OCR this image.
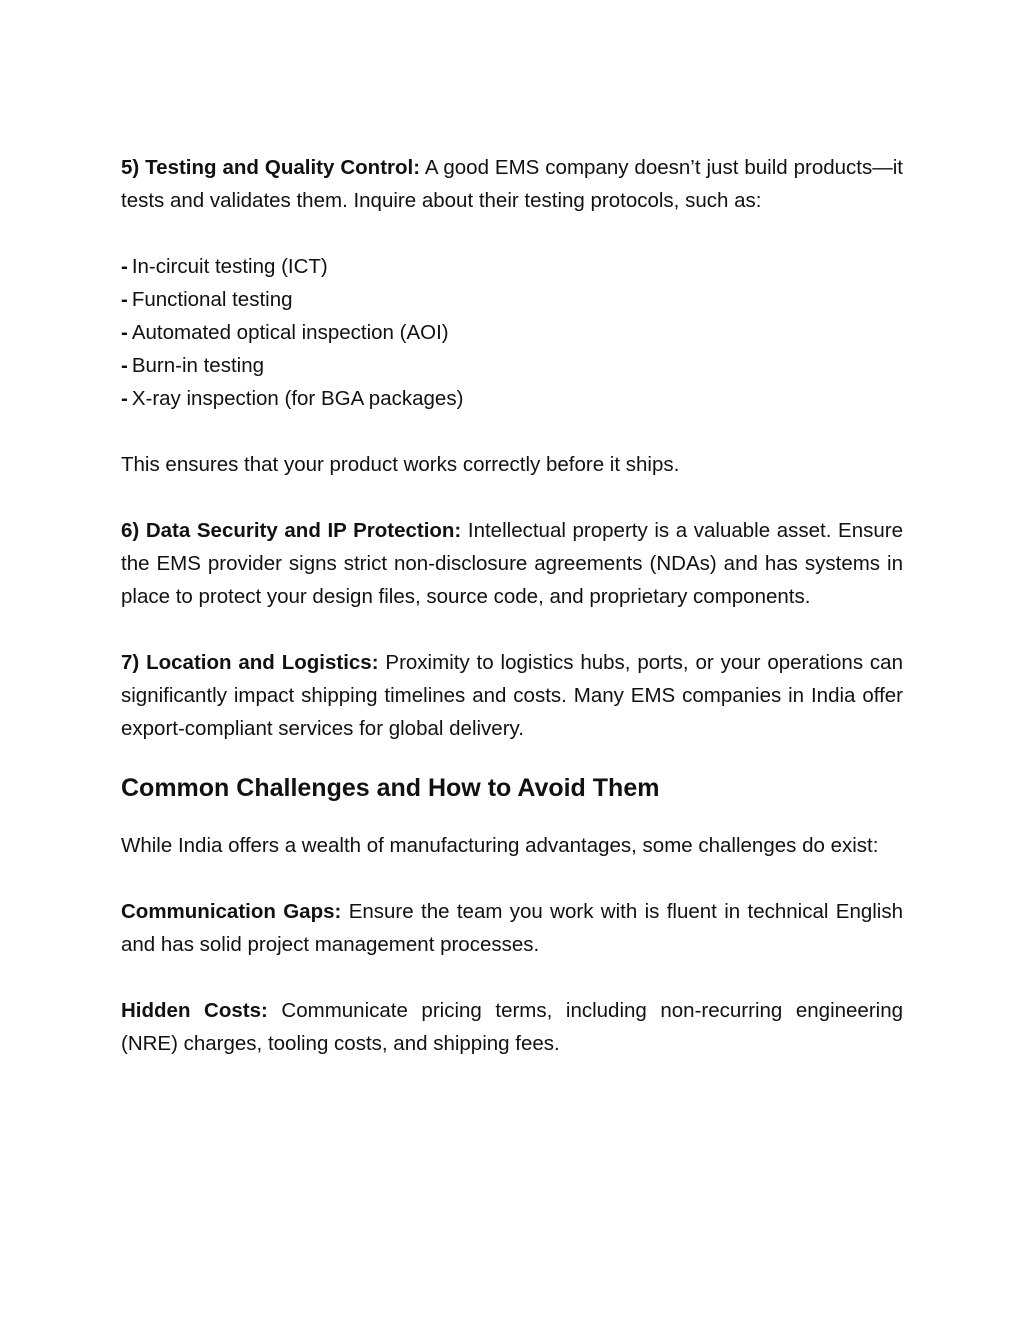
5) Testing and Quality Control: A good EMS company doesn’t just build products—it tests and validates them. Inquire about their testing protocols, such as:

- In-circuit testing (ICT)
- Functional testing
- Automated optical inspection (AOI)
- Burn-in testing
- X-ray inspection (for BGA packages)

This ensures that your product works correctly before it ships.

6) Data Security and IP Protection: Intellectual property is a valuable asset. Ensure the EMS provider signs strict non-disclosure agreements (NDAs) and has systems in place to protect your design files, source code, and proprietary components.

7) Location and Logistics: Proximity to logistics hubs, ports, or your operations can significantly impact shipping timelines and costs. Many EMS companies in India offer export-compliant services for global delivery.

Common Challenges and How to Avoid Them

While India offers a wealth of manufacturing advantages, some challenges do exist:

Communication Gaps: Ensure the team you work with is fluent in technical English and has solid project management processes.

Hidden Costs: Communicate pricing terms, including non-recurring engineering (NRE) charges, tooling costs, and shipping fees.
